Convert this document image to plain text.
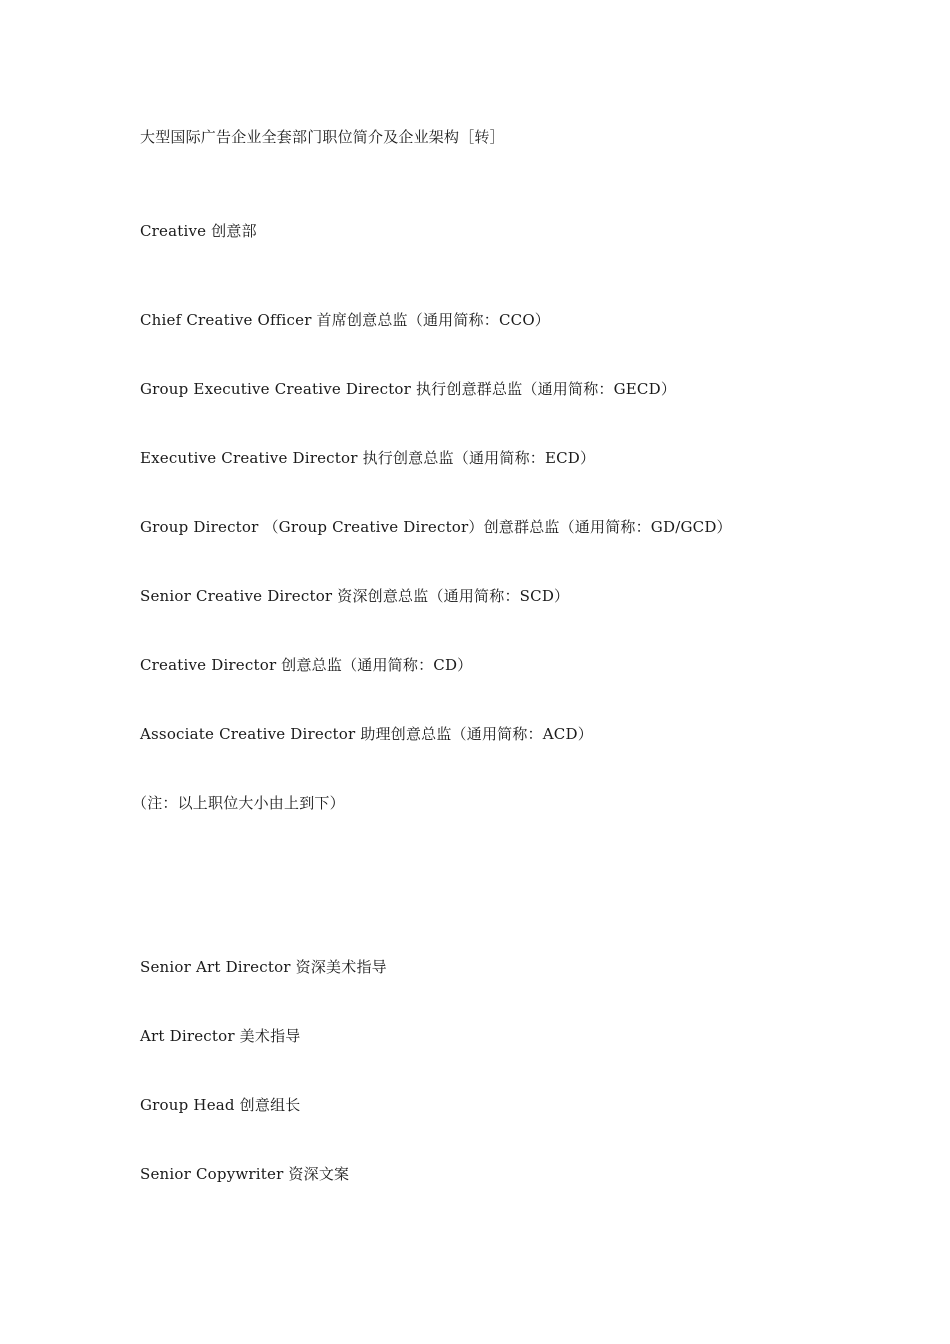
大型国际广告企业全套部门职位简介及企业架构［转］
Creative 创意部
Chief Creative Officer 首席创意总监（通用简称：CCO）
Group Executive Creative Director 执行创意群总监（通用简称：GECD）
Executive Creative Director 执行创意总监（通用简称：ECD）
Group Director （Group Creative Director）创意群总监（通用简称：GD/GCD）
Senior Creative Director 资深创意总监（通用简称：SCD）
Creative Director 创意总监（通用简称：CD）
Associate Creative Director 助理创意总监（通用简称：ACD）
（注：以上职位大小由上到下）
Senior Art Director 资深美术指导
Art Director 美术指导
Group Head 创意组长
Senior Copywriter 资深文案
